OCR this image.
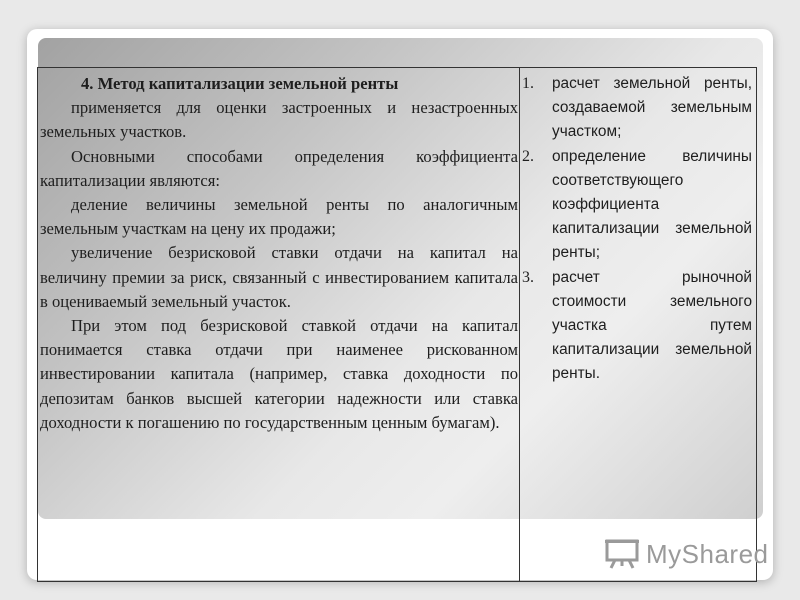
4. Метод капитализации земельной ренты

применяется для оценки застроенных и незастроенных земельных участков.

Основными способами определения коэффициента капитализации являются:

деление величины земельной ренты по аналогичным земельным участкам на цену их продажи;

увеличение безрисковой ставки отдачи на капитал на величину премии за риск, связанный с инвестированием капитала в оцениваемый земельный участок.

При этом под безрисковой ставкой отдачи на капитал понимается ставка отдачи при наименее рискованном инвестировании капитала (например, ставка доходности по депозитам банков высшей категории надежности или ставка доходности к погашению по государственным ценным бумагам).

1. расчет земельной ренты, создаваемой земельным участком;
2. определение величины соответствующего коэффициента капитализации земельной ренты;
3. расчет рыночной стоимости земельного участка путем капитализации земельной ренты.
MyShared
